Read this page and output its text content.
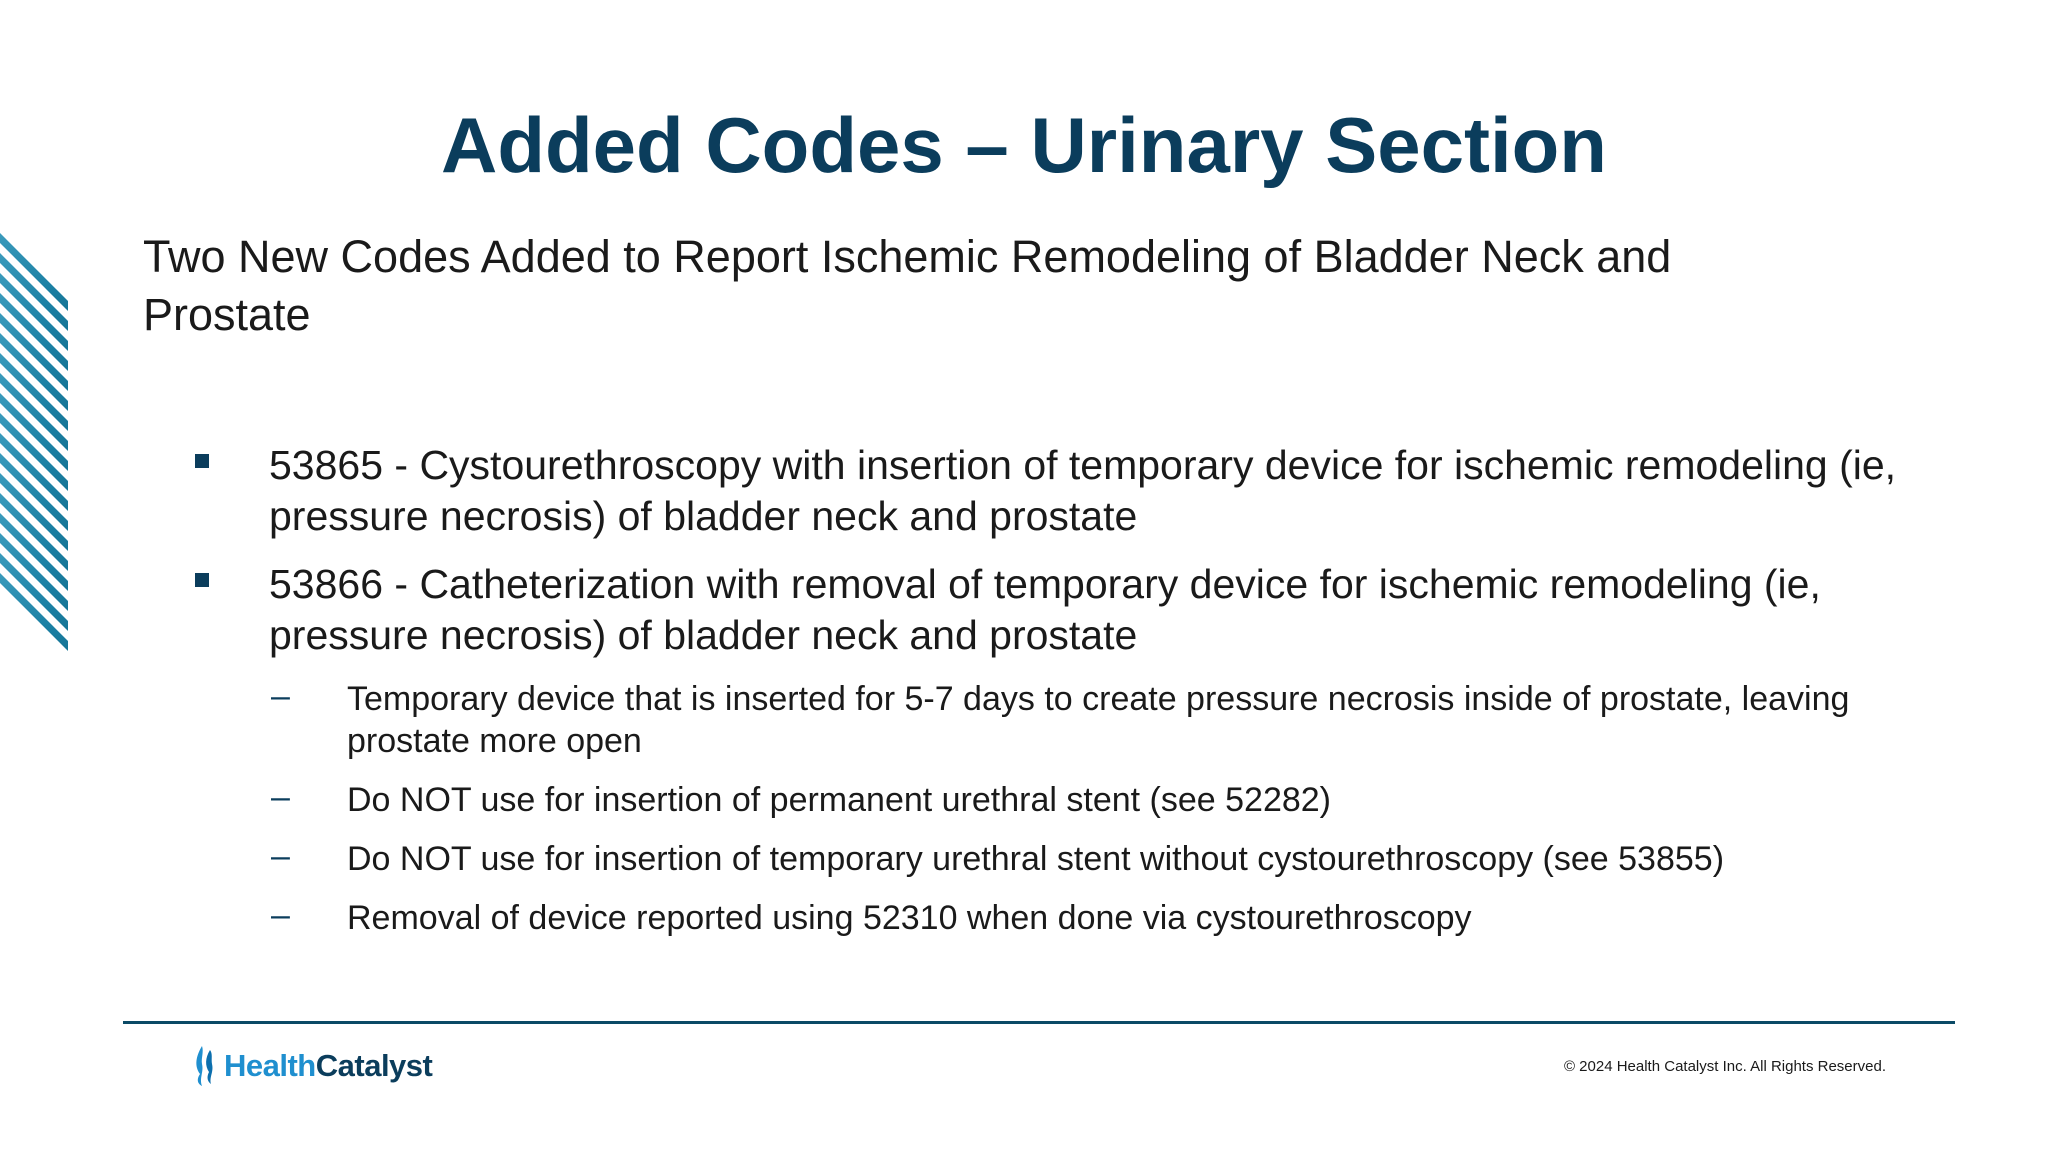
Added Codes – Urinary Section
Two New Codes Added to Report Ischemic Remodeling of Bladder Neck and Prostate
53865 - Cystourethroscopy with insertion of temporary device for ischemic remodeling (ie, pressure necrosis) of bladder neck and prostate
53866 - Catheterization with removal of temporary device for ischemic remodeling (ie, pressure necrosis) of bladder neck and prostate
– Temporary device that is inserted for 5-7 days to create pressure necrosis inside of prostate, leaving prostate more open
– Do NOT use for insertion of permanent urethral stent (see 52282)
– Do NOT use for insertion of temporary urethral stent without cystourethroscopy (see 53855)
– Removal of device reported using 52310 when done via cystourethroscopy
HealthCatalyst	© 2024 Health Catalyst Inc. All Rights Reserved.
